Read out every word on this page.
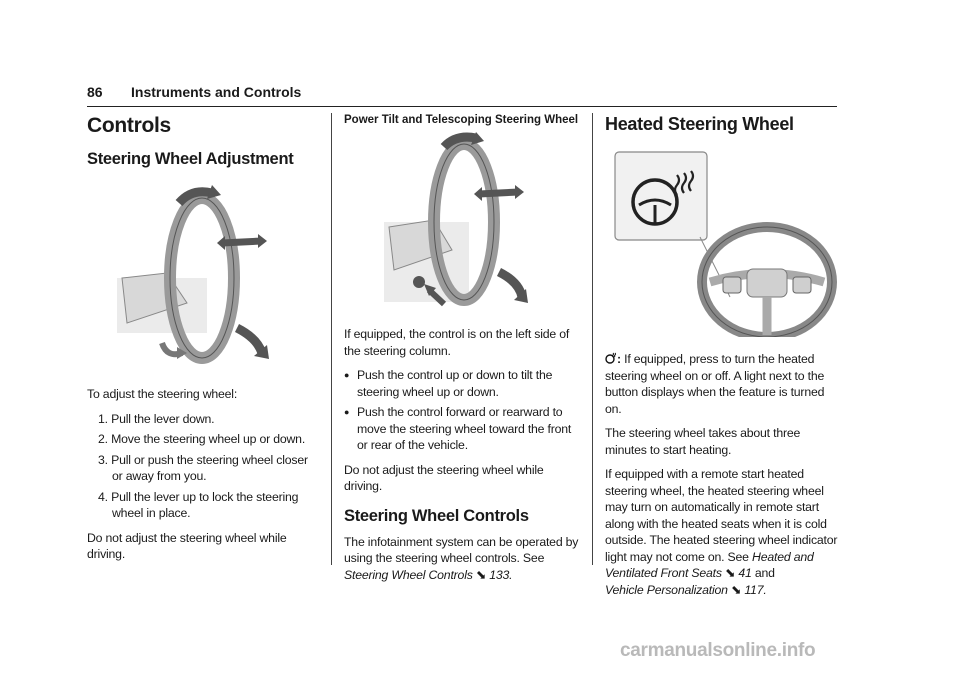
86 Instruments and Controls
Controls
Steering Wheel Adjustment

To adjust the steering wheel:

1. Pull the lever down.
2. Move the steering wheel up or down.
3. Pull or push the steering wheel closer or away from you.
4. Pull the lever up to lock the steering wheel in place.

Do not adjust the steering wheel while driving.

Power Tilt and Telescoping Steering Wheel

If equipped, the control is on the left side of the steering column.

● Push the control up or down to tilt the steering wheel up or down.
● Push the control forward or rearward to move the steering wheel toward the front or rear of the vehicle.

Do not adjust the steering wheel while driving.

Steering Wheel Controls

The infotainment system can be operated by using the steering wheel controls. See
Steering Wheel Controls ⬊ 133.

Heated Steering Wheel

: If equipped, press to turn the heated steering wheel on or off. A light next to the button displays when the feature is turned on.

The steering wheel takes about three minutes to start heating.

If equipped with a remote start heated steering wheel, the heated steering wheel may turn on automatically in remote start along with the heated seats when it is cold outside. The heated steering wheel indicator light may not come on. See Heated and Ventilated Front Seats ⬊ 41 and
Vehicle Personalization ⬊ 117.

carmanualsonline.info
